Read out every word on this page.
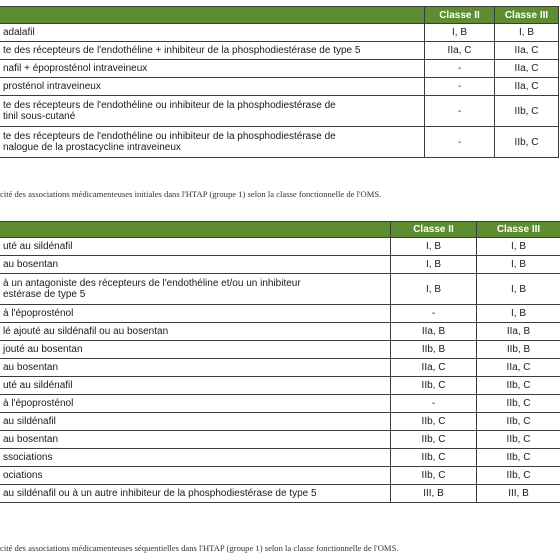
	Classe II	Classe III
adalafil	I, B	I, B
te des récepteurs de l'endothéline + inhibiteur de la phosphodiestérase de type 5	IIa, C	IIa, C
nafil + époprosténol intraveineux	-	IIa, C
prosténol intraveineux	-	IIa, C
te des récepteurs de l'endothéline ou inhibiteur de la phosphodiestérase de
tinil sous-cutané	-	IIb, C
te des récepteurs de l'endothéline ou inhibiteur de la phosphodiestérase de
nalogue de la prostacycline intraveineux	-	IIb, C
cité des associations médicamenteuses initiales dans l'HTAP (groupe 1) selon la classe fonctionnelle de l'OMS.
	Classe II	Classe III
uté au sildénafil	I, B	I, B
au bosentan	I, B	I, B
à un antagoniste des récepteurs de l'endothéline et/ou un inhibiteur
estérase de type 5	I, B	I, B
à l'époprosténol	-	I, B
lé ajouté au sildénafil ou au bosentan	IIa, B	IIa, B
jouté au bosentan	IIb, B	IIb, B
au bosentan	IIa, C	IIa, C
uté au sildénafil	IIb, C	IIb, C
à l'époprosténol	-	IIb, C
au sildénafil	IIb, C	IIb, C
au bosentan	IIb, C	IIb, C
ssociations	IIb, C	IIb, C
ociations	IIb, C	IIb, C
au sildénafil ou à un autre inhibiteur de la phosphodiestérase de type 5	III, B	III, B
cité des associations médicamenteuses séquentielles dans l'HTAP (groupe 1) selon la classe fonctionnelle de l'OMS.
